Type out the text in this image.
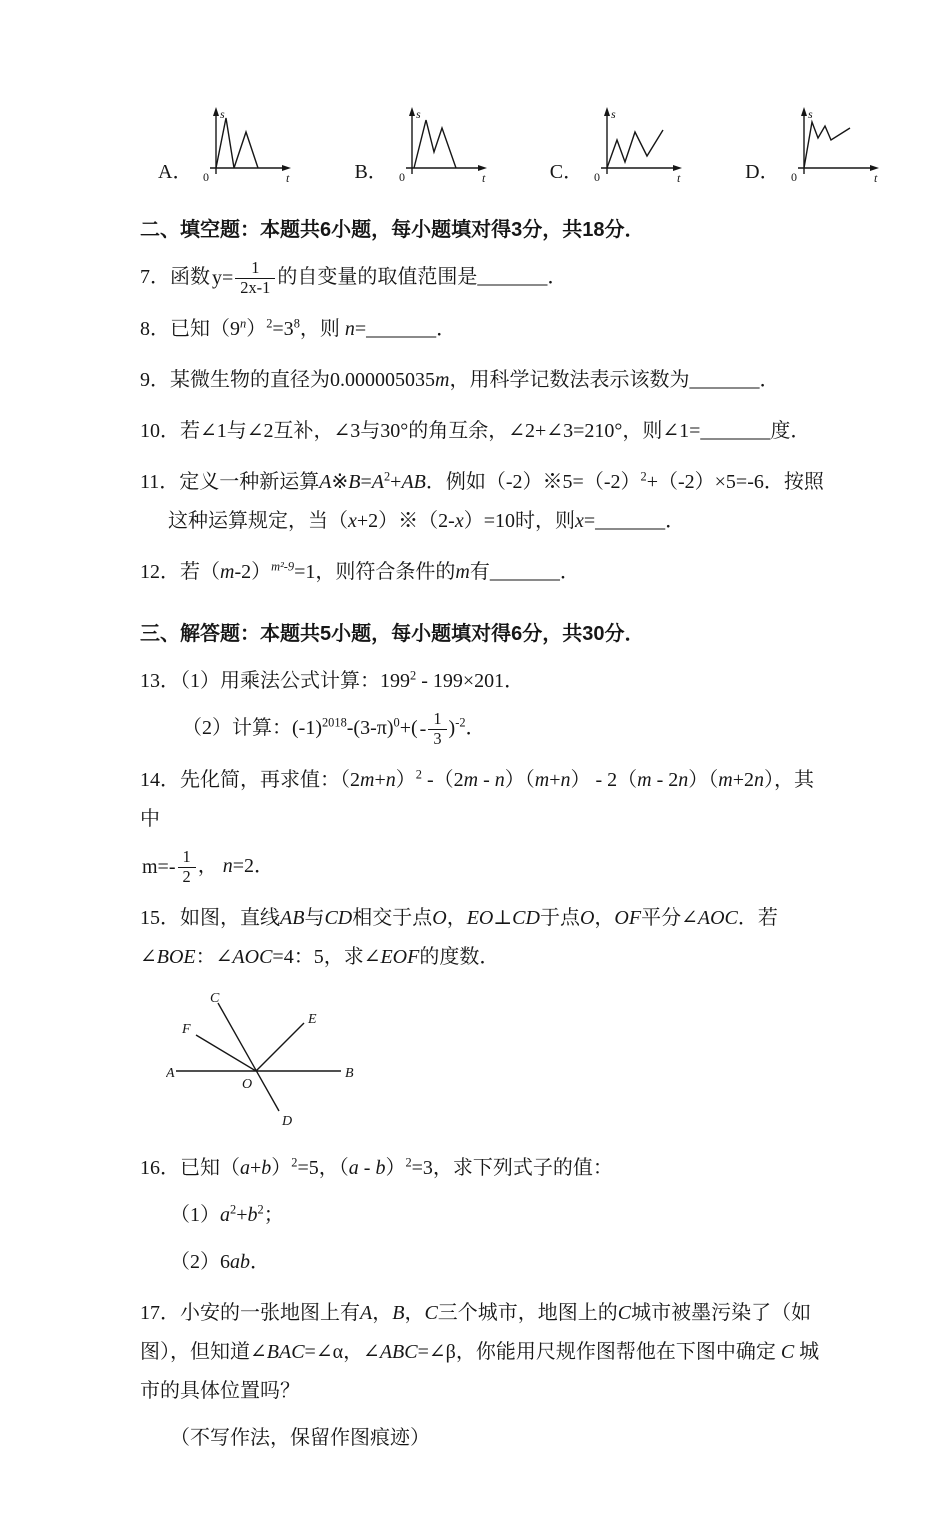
A．
s
t
0	B．
s
t
0	C．
s
t
0	D．
s
t
0
二、填空题：本题共6小题，每小题填对得3分，共18分．
7．函数 $y= \frac{1}{2x-1}$ 的自变量的取值范围是_______．
8．已知$(9^n)^2=3^8$，则 n=_______．
9．某微生物的直径为0.000005035m，用科学记数法表示该数为_______．
10．若∠1与∠2互补，∠3与30°的角互余，∠2+∠3=210°，则∠1=_______度．
11．定义一种新运算$A※B=A^2+AB$．例如$(-2)※5=(-2)^2+(-2)\times 5=-6$．按照这种运算规定，当（x+2）※（2-x）=10时，则x=_______．
12．若$(m-2)^{m^2-9}=1$，则符合条件的m有_______．
三、解答题：本题共5小题，每小题填对得6分，共30分．
13．（1）用乘法公式计算：$199^2 - 199\times 201$．
（2）计算：$(-1)^{2018}-(3-\pi)^0+( - \frac{1}{3} )^{-2}$．
14．先化简，再求值：$(2m+n)^2$ -（2m - n）（m+n） - 2（m - 2n）（m+2n），其中
$m=- \frac{1}{2}$ ， n=2．
15．如图，直线AB与CD相交于点O，EO⊥CD于点O，OF平分∠AOC．若∠BOE：∠AOC=4：5，求∠EOF的度数．
C
F
E
A	B
O
D
16．已知$(a+b)^2=5$，（a - b）$^2$=3，求下列式子的值：
$(1)a^2+b^2$；
（2）6ab．
17．小安的一张地图上有A，B，C三个城市，地图上的C城市被墨污染了（如图），但知道∠BAC=∠α，∠ABC=∠β，你能用尺规作图帮他在下图中确定 C 城市的具体位置吗？
（不写作法，保留作图痕迹）
